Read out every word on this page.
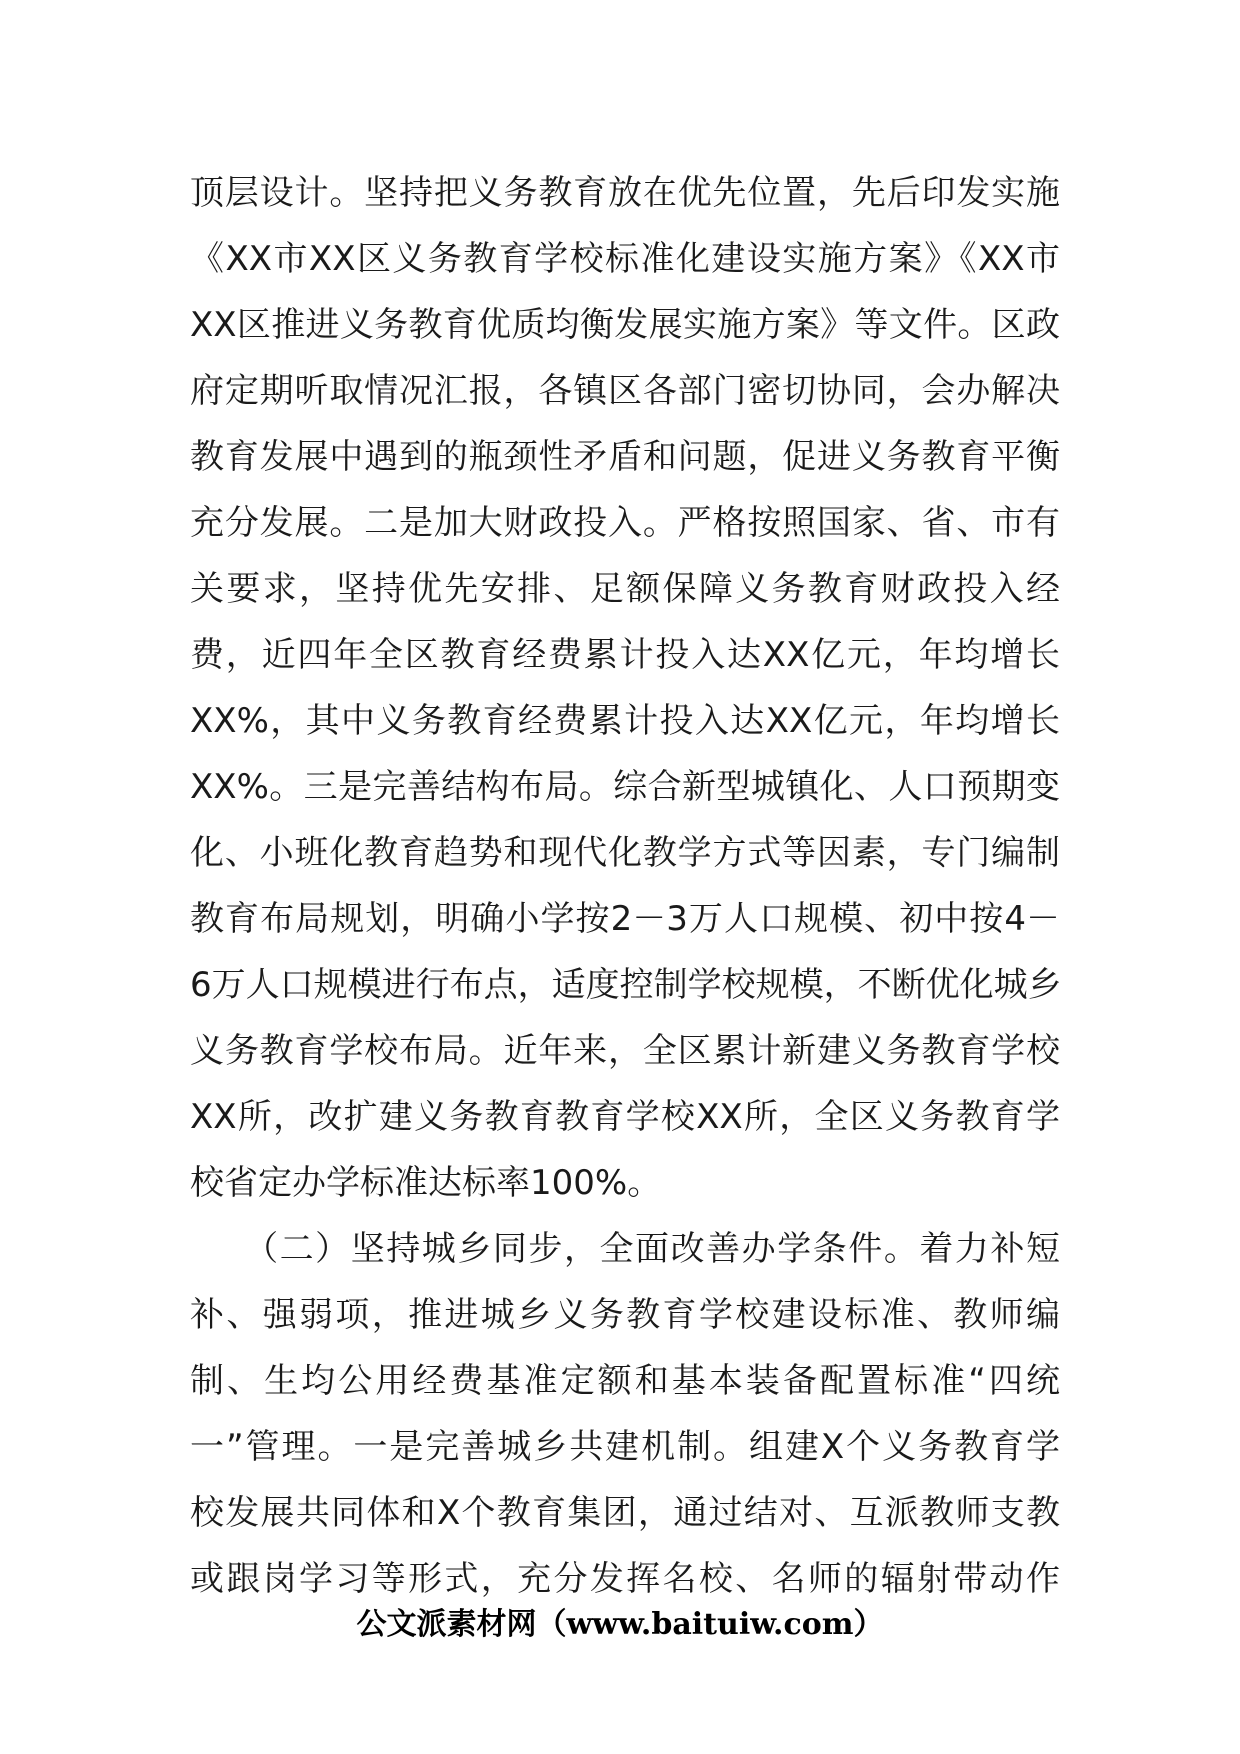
顶层设计。坚持把义务教育放在优先位置，先后印发实施
《XX市XX区义务教育学校标准化建设实施方案》《XX市
XX区推进义务教育优质均衡发展实施方案》等文件。区政
府定期听取情况汇报，各镇区各部门密切协同，会办解决
教育发展中遇到的瓶颈性矛盾和问题，促进义务教育平衡
充分发展。二是加大财政投入。严格按照国家、省、市有
关要求，坚持优先安排、足额保障义务教育财政投入经
费，近四年全区教育经费累计投入达XX亿元，年均增长
XX%，其中义务教育经费累计投入达XX亿元，年均增长
XX%。三是完善结构布局。综合新型城镇化、人口预期变
化、小班化教育趋势和现代化教学方式等因素，专门编制
教育布局规划，明确小学按2－3万人口规模、初中按4－
6万人口规模进行布点，适度控制学校规模，不断优化城乡
义务教育学校布局。近年来，全区累计新建义务教育学校
XX所，改扩建义务教育教育学校XX所，全区义务教育学
校省定办学标准达标率100%。
　　（二）坚持城乡同步，全面改善办学条件。着力补短
补、强弱项，推进城乡义务教育学校建设标准、教师编
制、生均公用经费基准定额和基本装备配置标准“四统
一”管理。一是完善城乡共建机制。组建X个义务教育学
校发展共同体和X个教育集团，通过结对、互派教师支教
或跟岗学习等形式，充分发挥名校、名师的辐射带动作
公文派素材网（www.baituiw.com）
